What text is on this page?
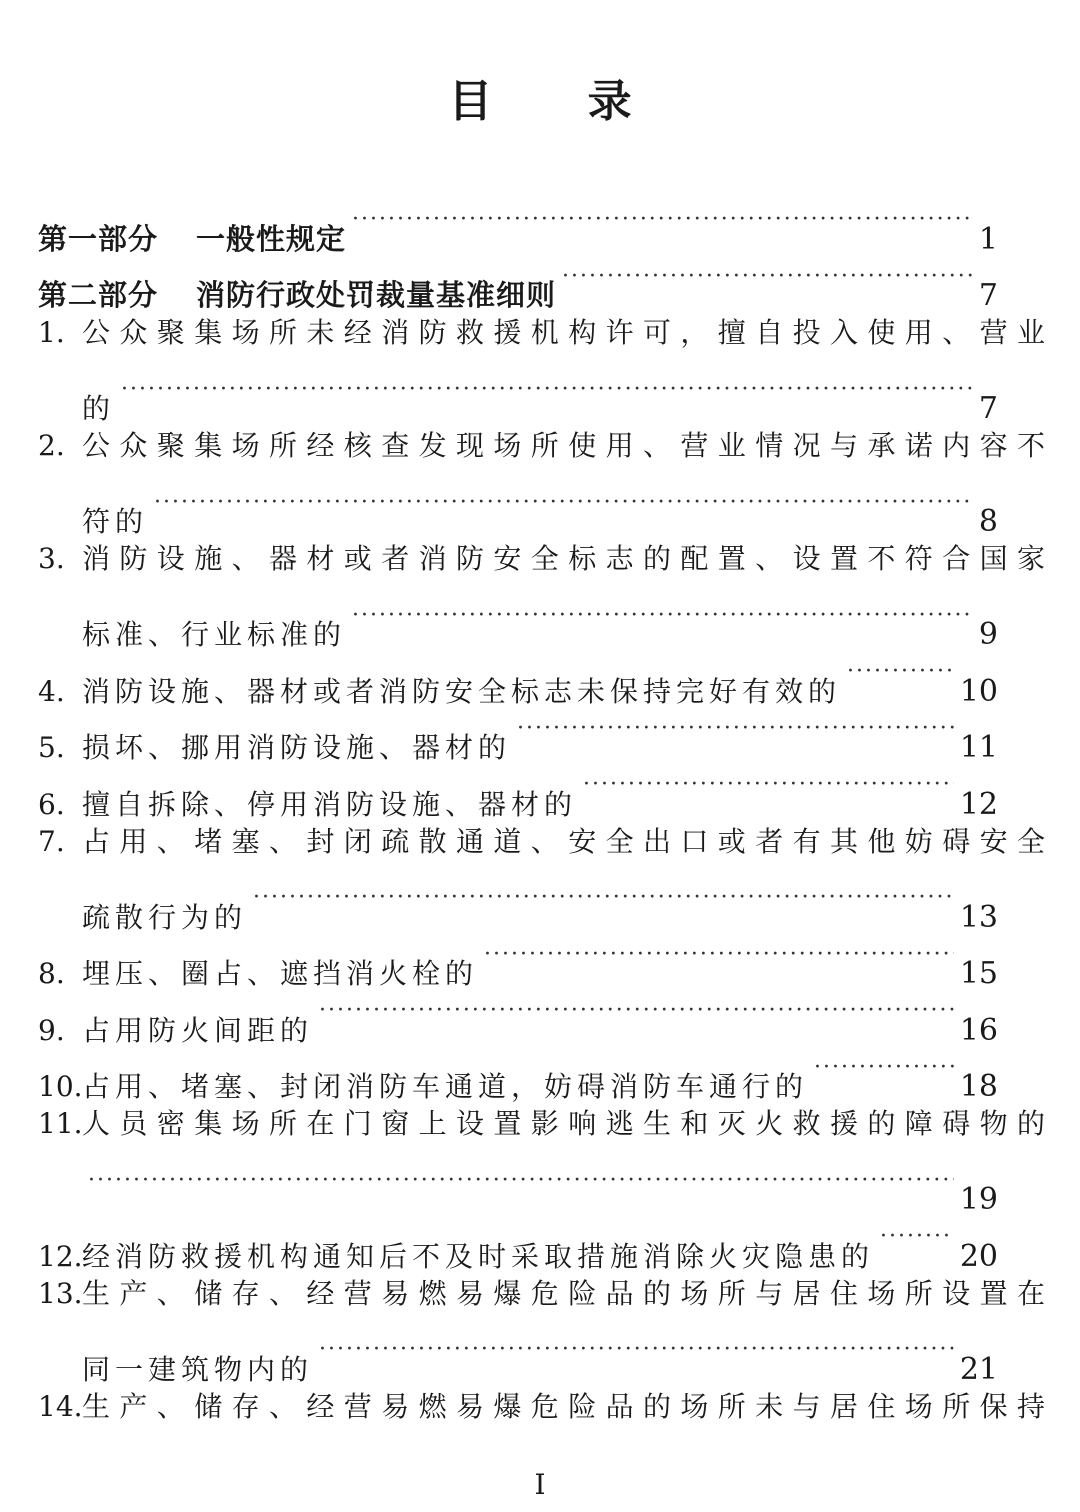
目 录
第一部分 一般性规定 ·····	1
第二部分 消防行政处罚裁量基准细则 ·····	7
1. 公众聚集场所未经消防救援机构许可，擅自投入使用、营业
的 ·····	7
2. 公众聚集场所经核查发现场所使用、营业情况与承诺内容不
符的 ·····	8
3. 消防设施、器材或者消防安全标志的配置、设置不符合国家
标准、行业标准的 ·····	9
4. 消防设施、器材或者消防安全标志未保持完好有效的 ·····	10
5. 损坏、挪用消防设施、器材的 ·····	11
6. 擅自拆除、停用消防设施、器材的 ·····	12
7. 占用、堵塞、封闭疏散通道、安全出口或者有其他妨碍安全
疏散行为的 ·····	13
8. 埋压、圈占、遮挡消火栓的 ·····	15
9. 占用防火间距的 ·····	16
10. 占用、堵塞、封闭消防车通道，妨碍消防车通行的 ·····	18
11. 人员密集场所在门窗上设置影响逃生和灭火救援的障碍物的
·····
19
12. 经消防救援机构通知后不及时采取措施消除火灾隐患的 ·····	20
13. 生产、储存、经营易燃易爆危险品的场所与居住场所设置在
同一建筑物内的 ·····	21
14. 生产、储存、经营易燃易爆危险品的场所未与居住场所保持
I
